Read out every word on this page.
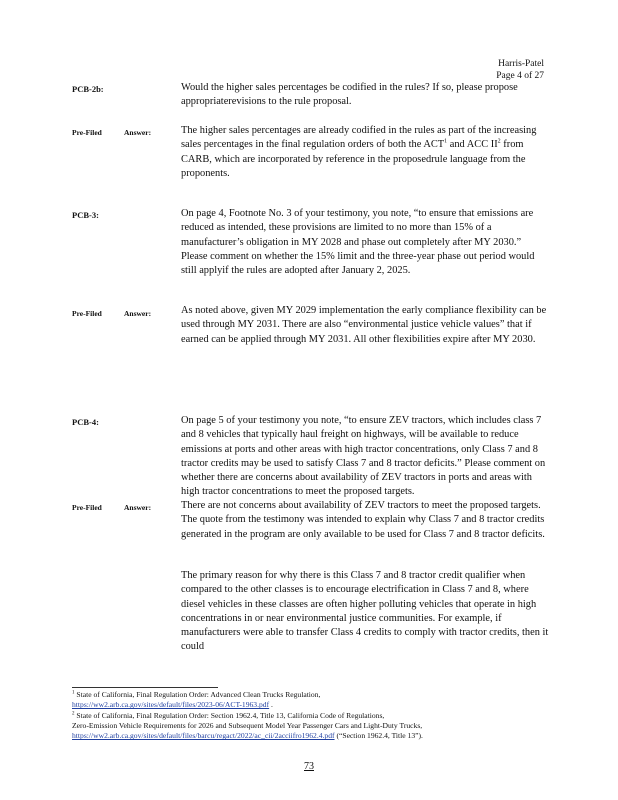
Harris-Patel
Page 4 of 27
PCB-2b:	Would the higher sales percentages be codified in the rules? If so, please propose appropriaterevisions to the rule proposal.
Pre-Filed	Answer:	The higher sales percentages are already codified in the rules as part of the increasing sales percentages in the final regulation orders of both the ACT$^1$ and ACC $II^2$ from CARB, which are incorporated by reference in the proposedrule language from the proponents.
PCB-3:	On page 4, Footnote No. 3 of your testimony, you note, “to ensure that emissions are reduced as intended, these provisions are limited to no more than 15% of a manufacturer’s obligation in MY 2028 and phase out completely after MY 2030.” Please comment on whether the 15% limit and the three-year phase out period would still applyif the rules are adopted after January 2, 2025.
Pre-Filed	Answer:	As noted above, given MY 2029 implementation the early compliance flexibility can be used through MY 2031. There are also “environmental justice vehicle values” that if earned can be applied through MY 2031. All other flexibilities expire after MY 2030.
PCB-4:	On page 5 of your testimony you note, “to ensure ZEV tractors, which includes class 7 and 8 vehicles that typically haul freight on highways, will be available to reduce emissions at ports and other areas with high tractor concentrations, only Class 7 and 8 tractor credits may be used to satisfy Class 7 and 8 tractor deficits.” Please comment on whether there are concerns about availability of ZEV tractors in ports and areas with high tractor concentrations to meet the proposed targets.
Pre-Filed	Answer:	There are not concerns about availability of ZEV tractors to meet the proposed targets. The quote from the testimony was intended to explain why Class 7 and 8 tractor credits generated in the program are only available to be used for Class 7 and 8 tractor deficits.
The primary reason for why there is this Class 7 and 8 tractor credit qualifier when compared to the other classes is to encourage electrification in Class 7 and 8, where diesel vehicles in these classes are often higher polluting vehicles that operate in high concentrations in or near environmental justice communities. For example, if manufacturers were able to transfer Class 4 credits to comply with tractor credits, then it could
$^1$ State of California, Final Regulation Order: Advanced Clean Trucks Regulation,
https://ww2.arb.ca.gov/sites/default/files/2023-06/ACT-1963.pdf .
$^2$ State of California, Final Regulation Order: Section 1962.4, Title 13, California Code of Regulations,
Zero-Emission Vehicle Requirements for 2026 and Subsequent Model Year Passenger Cars and Light-Duty Trucks,
https://ww2.arb.ca.gov/sites/default/files/barcu/regact/2022/ac_cii/2acciifro1962.4.pdf (“Section 1962.4, Title 13”).
73
